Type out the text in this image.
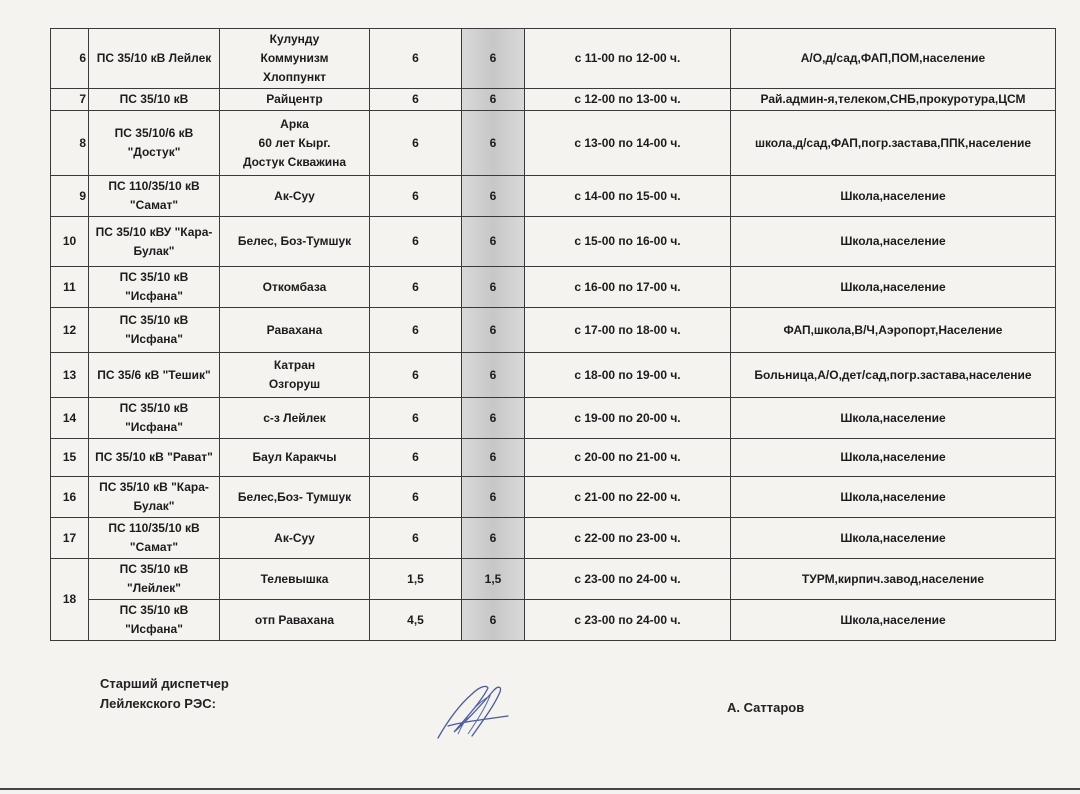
6	ПС 35/10 кВ Лейлек	Кулунду
Коммунизм
Хлоппункт	6	6	с 11-00 по 12-00 ч.	А/О,д/сад,ФАП,ПОМ,население
7	ПС 35/10 кВ	Райцентр	6	6	с 12-00 по 13-00 ч.	Рай.админ-я,телеком,СНБ,прокурoтура,ЦСМ
8	ПС 35/10/6 кВ
"Достук"	Арка
60 лет Кырг.
Достук Скважина	6	6	с 13-00 по 14-00 ч.	школа,д/сад,ФАП,погр.застава,ППК,население
9	ПС 110/35/10 кВ
"Самат"	Ак-Суу	6	6	с 14-00 по 15-00 ч.	Школа,население
10	ПС 35/10 кВУ "Кара-
Булак"	Белес, Боз-Тумшук	6	6	с 15-00 по 16-00 ч.	Школа,население
11	ПС 35/10 кВ
"Исфана"	Откомбаза	6	6	с 16-00 по 17-00 ч.	Школа,население
12	ПС 35/10 кВ
"Исфана"	Равахана	6	6	с 17-00 по 18-00 ч.	ФАП,школа,В/Ч,Аэропорт,Население
13	ПС 35/6 кВ "Тешик"	Катран
Озгоруш	6	6	с 18-00 по 19-00 ч.	Больница,А/О,дет/сад,погр.застава,население
14	ПС 35/10 кВ "Исфана"	с-з Лейлек	6	6	с 19-00 по 20-00 ч.	Школа,население
15	ПС 35/10 кВ "Рават"	Баул Каракчы	6	6	с 20-00 по 21-00 ч.	Школа,население
16	ПС 35/10 кВ "Кара-
Булак"	Белес,Боз- Тумшук	6	6	с 21-00 по 22-00 ч.	Школа,население
17	ПС 110/35/10 кВ
"Самат"	Ак-Суу	6	6	с 22-00 по 23-00 ч.	Школа,население
18	ПС 35/10 кВ
"Лейлек"	Телевышка	1,5	1,5	с 23-00 по 24-00 ч.	ТУРМ,кирпич.завод,население
	ПС 35/10 кВ
"Исфана"	отп Равахана	4,5	6	с 23-00 по 24-00 ч.	Школа,население
Старший диспетчер
Лейлекского РЭС:	А. Саттаров
